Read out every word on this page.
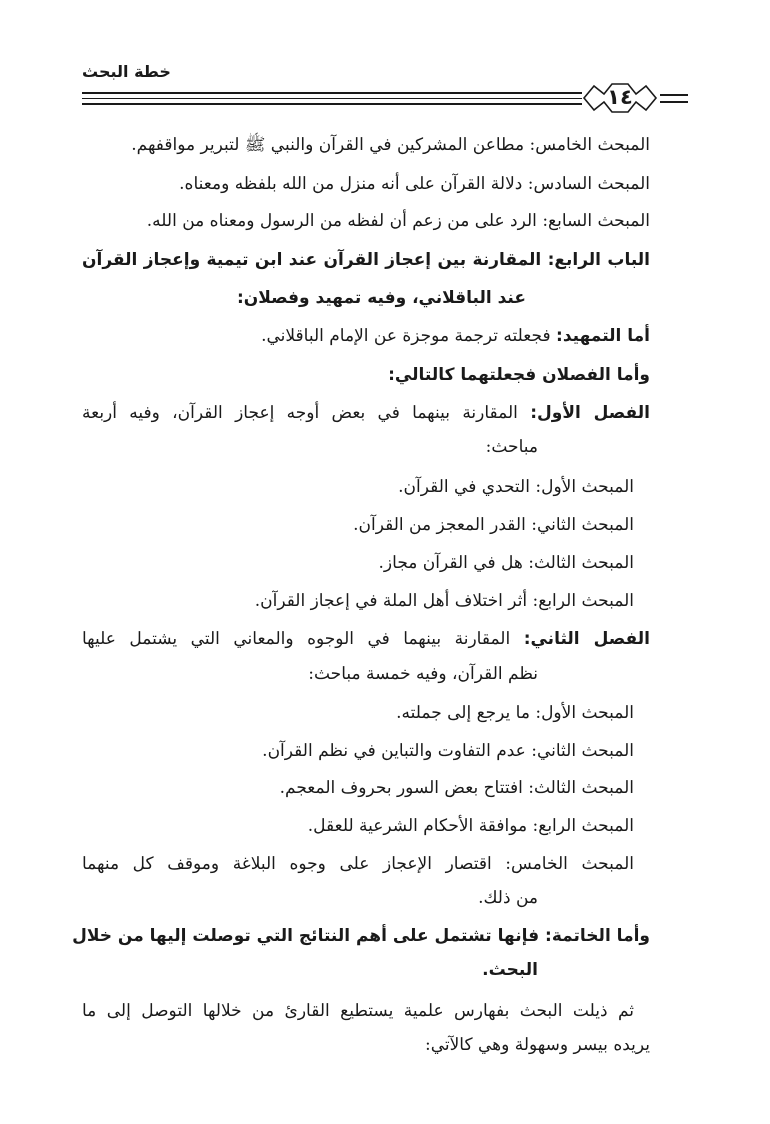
خطة البحث
١٤
المبحث الخامس: مطاعن المشركين في القرآن والنبي ﷺ لتبرير مواقفهم.
المبحث السادس: دلالة القرآن على أنه منزل من الله بلفظه ومعناه.
المبحث السابع: الرد على من زعم أن لفظه من الرسول ومعناه من الله.
الباب الرابع: المقارنة بين إعجاز القرآن عند ابن تيمية وإعجاز القرآن
عند الباقلاني، وفيه تمهيد وفصلان:
أما التمهيد: فجعلته ترجمة موجزة عن الإمام الباقلاني.
وأما الفصلان فجعلتهما كالتالي:
الفصل الأول: المقارنة بينهما في بعض أوجه إعجاز القرآن، وفيه أربعة
مباحث:
المبحث الأول: التحدي في القرآن.
المبحث الثاني: القدر المعجز من القرآن.
المبحث الثالث: هل في القرآن مجاز.
المبحث الرابع: أثر اختلاف أهل الملة في إعجاز القرآن.
الفصل الثاني: المقارنة بينهما في الوجوه والمعاني التي يشتمل عليها
نظم القرآن، وفيه خمسة مباحث:
المبحث الأول: ما يرجع إلى جملته.
المبحث الثاني: عدم التفاوت والتباين في نظم القرآن.
المبحث الثالث: افتتاح بعض السور بحروف المعجم.
المبحث الرابع: موافقة الأحكام الشرعية للعقل.
المبحث الخامس: اقتصار الإعجاز على وجوه البلاغة وموقف كل منهما
من ذلك.
وأما الخاتمة: فإنها تشتمل على أهم النتائج التي توصلت إليها من خلال
البحث.
ثم ذيلت البحث بفهارس علمية يستطيع القارئ من خلالها التوصل إلى ما
يريده بيسر وسهولة وهي كالآتي:
